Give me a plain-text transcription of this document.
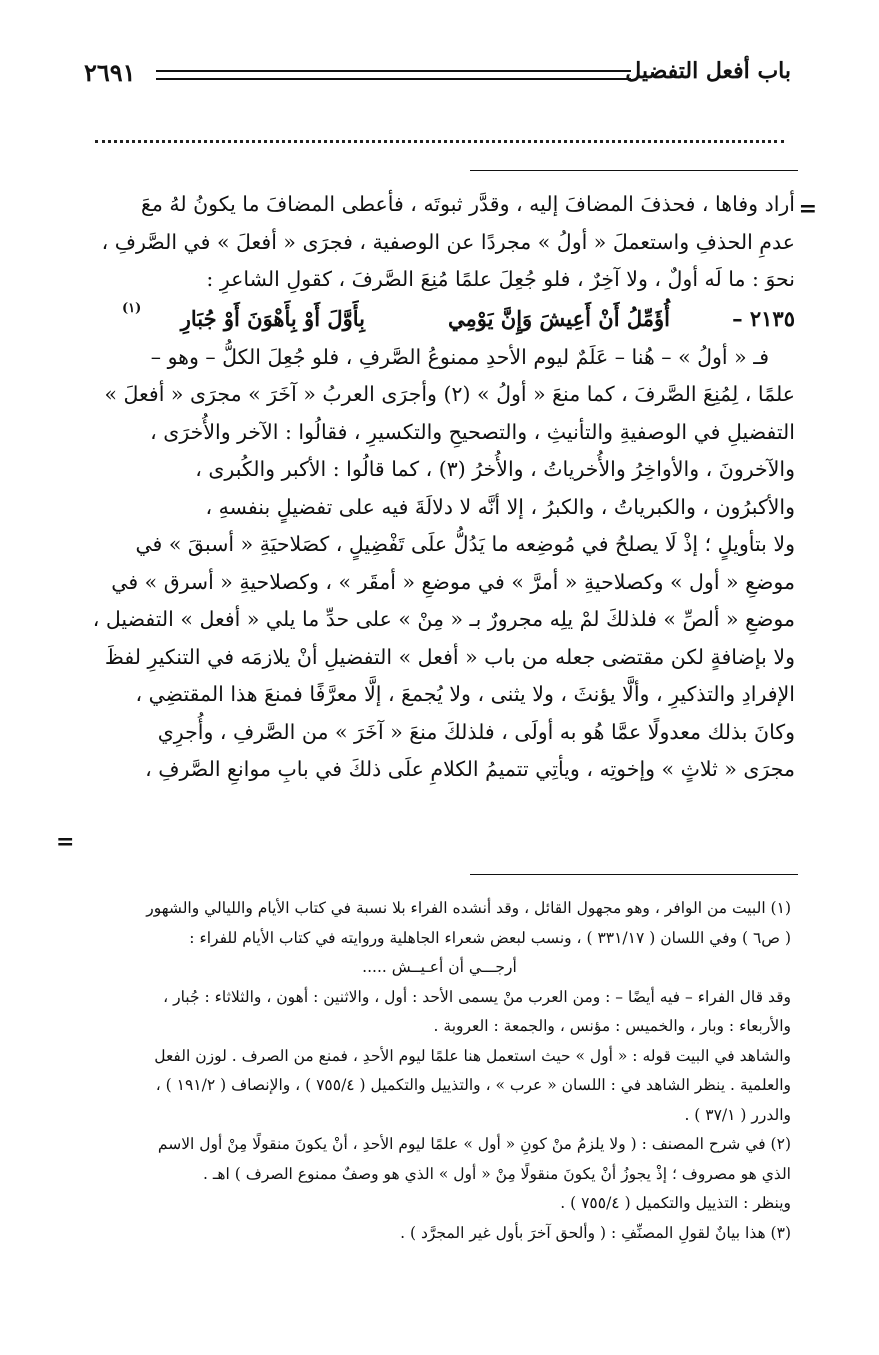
باب أفعل التفضيل
٢٦٩١
=
=

أراد وفاها ، فحذفَ المضافَ إليه ، وقدَّر ثبوتَه ، فأعطى المضافَ ما يكونُ لهُ معَ

عدمِ الحذفِ واستعملَ « أولُ » مجردًا عن الوصفية ، فجرَى « أفعلَ » في الصَّرفِ ،

نحوَ : ما لَه أولٌ ، ولا آخِرٌ ، فلو جُعِلَ علمًا مُنِعَ الصَّرفَ ، كقولِ الشاعرِ :

٢١٣٥ –
أُؤَمِّلُ أَنْ أَعِيشَ وَإِنَّ يَوْمِي
بِأَوَّلَ أَوْ بِأَهْوَنَ أَوْ جُبَارِ
(١)

فـ « أولُ » – هُنا – عَلَمٌ ليوم الأحدِ ممنوعُ الصَّرفِ ، فلو جُعِلَ الكلُّ – وهو –

علمًا ، لِمُنِعَ الصَّرفَ ، كما منعَ « أولُ » (٢) وأجرَى العربُ « آخَرَ » مجرَى « أفعلَ »

التفضيلِ في الوصفيةِ والتأنيثِ ، والتصحيحِ والتكسيرِ ، فقالُوا : الآخر والأُخرَى ،

والآخرونَ ، والأواخِرُ والأُخرياتُ ، والأُخرُ (٣) ، كما قالُوا : الأكبر والكُبرى ،

والأكبرُون ، والكبرياتُ ، والكبرُ ، إلا أنَّه لا دلالَةَ فيه على تفضيلٍ بنفسهِ ،

ولا بتأويلٍ ؛ إذْ لَا يصلحُ في مُوضِعه ما يَدُلُّ علَى تَفْضِيلٍ ، كصَلاحيَةِ « أسبقَ » في

موضعِ « أول » وكصلاحيةِ « أمرَّ » في موضعِ « أمقَر » ، وكصلاحيةِ « أسرق » في

موضعِ « ألصِّ » فلذلكَ لمْ يلِه مجرورٌ بـ « مِنْ » على حدِّ ما يلي « أفعل » التفضيل ،

ولا بإضافةٍ لكن مقتضى جعله من باب « أفعل » التفضيلِ أنْ يلازمَه في التنكيرِ لفظَ

الإفرادِ والتذكيرِ ، وألَّا يؤنثَ ، ولا يثنى ، ولا يُجمعَ ، إلَّا معرَّفًا فمنعَ هذا المقتضِي ،

وكانَ بذلك معدولًا عمَّا هُو به أولَى ، فلذلكَ منعَ « آخَرَ » من الصَّرفِ ، وأُجرِي

مجرَى « ثلاثٍ » وإخوتِه ، ويأتِي تتميمُ الكلامِ علَى ذلكَ في بابِ موانعِ الصَّرفِ ،

(١) البيت من الوافر ، وهو مجهول القائل ، وقد أنشده الفراء بلا نسبة في كتاب الأيام والليالي والشهور

( ص٦ ) وفي اللسان ( ٣٣١/١٧ ) ، ونسب لبعض شعراء الجاهلية وروايته في كتاب الأيام للفراء :

أرجـــي أن أعـيــش .....

وقد قال الفراء – فيه أيضًا – : ومن العرب منْ يسمى الأحد : أول ، والاثنين : أهون ، والثلاثاء : جُبار ،

والأربعاء : وبار ، والخميس : مؤنس ، والجمعة : العروبة .

والشاهد في البيت قوله : « أول » حيث استعمل هنا علمًا ليوم الأحدِ ، فمنع من الصرف . لوزن الفعل

والعلمية . ينظر الشاهد في : اللسان « عرب » ، والتذييل والتكميل ( ٧٥٥/٤ ) ، والإنصاف ( ١٩١/٢ ) ،

والدرر ( ٣٧/١ ) .

(٢) في شرح المصنف : ( ولا يلزمُ منْ كونِ « أول » علمًا ليوم الأحدِ ، أنْ يكونَ منقولًا مِنْ أول الاسم

الذي هو مصروف ؛ إذْ يجوزُ أنْ يكونَ منقولًا مِنْ « أول » الذي هو وصفٌ ممنوع الصرف ) اهـ .

وينظر : التذييل والتكميل ( ٧٥٥/٤ ) .

(٣) هذا بيانٌ لقولِ المصنِّفِ : ( وألحق آخرَ بأول غير المجرَّد ) .
